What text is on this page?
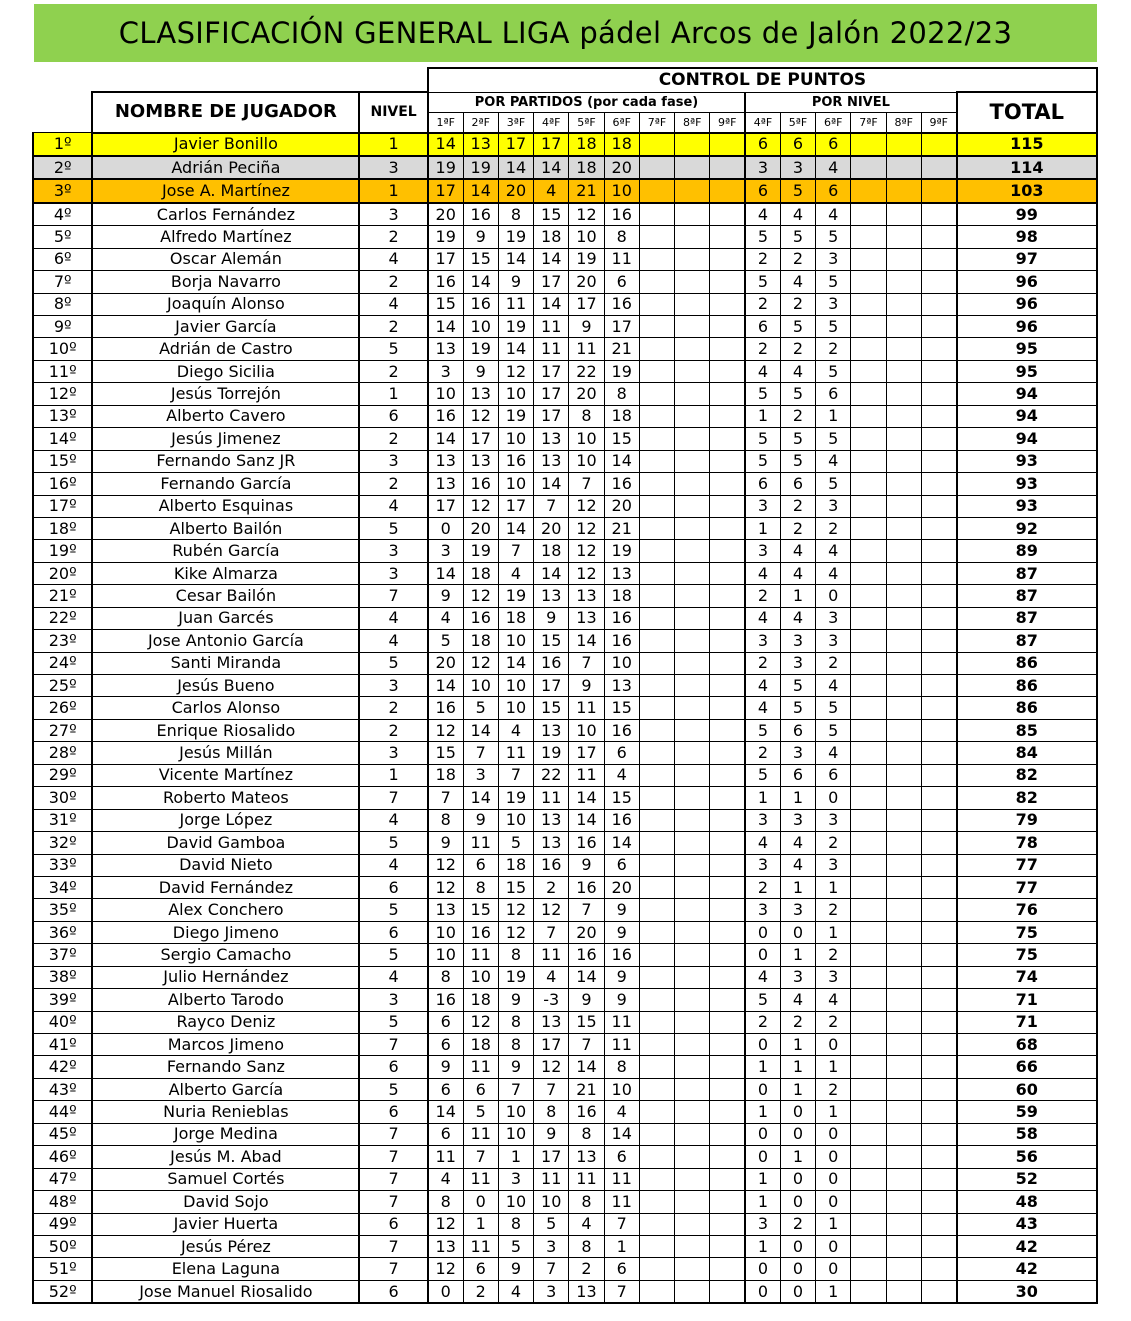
CLASIFICACIÓN GENERAL LIGA pádel Arcos de Jalón 2022/23
			CONTROL DE PUNTOS															
	NOMBRE DE JUGADOR	NIVEL	POR PARTIDOS (por cada fase)									POR NIVEL						TOTAL
			1ªF	2ªF	3ªF	4ªF	5ªF	6ªF	7ªF	8ªF	9ªF	4ªF	5ªF	6ªF	7ªF	8ªF	9ªF	
1º	Javier Bonillo	1	14	13	17	17	18	18				6	6	6				115
2º	Adrián Peciña	3	19	19	14	14	18	20				3	3	4				114
3º	Jose A. Martínez	1	17	14	20	4	21	10				6	5	6				103
4º	Carlos Fernández	3	20	16	8	15	12	16				4	4	4				99
5º	Alfredo Martínez	2	19	9	19	18	10	8				5	5	5				98
6º	Oscar Alemán	4	17	15	14	14	19	11				2	2	3				97
7º	Borja Navarro	2	16	14	9	17	20	6				5	4	5				96
8º	Joaquín Alonso	4	15	16	11	14	17	16				2	2	3				96
9º	Javier García	2	14	10	19	11	9	17				6	5	5				96
10º	Adrián de Castro	5	13	19	14	11	11	21				2	2	2				95
11º	Diego Sicilia	2	3	9	12	17	22	19				4	4	5				95
12º	Jesús Torrejón	1	10	13	10	17	20	8				5	5	6				94
13º	Alberto Cavero	6	16	12	19	17	8	18				1	2	1				94
14º	Jesús Jimenez	2	14	17	10	13	10	15				5	5	5				94
15º	Fernando Sanz JR	3	13	13	16	13	10	14				5	5	4				93
16º	Fernando García	2	13	16	10	14	7	16				6	6	5				93
17º	Alberto Esquinas	4	17	12	17	7	12	20				3	2	3				93
18º	Alberto Bailón	5	0	20	14	20	12	21				1	2	2				92
19º	Rubén García	3	3	19	7	18	12	19				3	4	4				89
20º	Kike Almarza	3	14	18	4	14	12	13				4	4	4				87
21º	Cesar Bailón	7	9	12	19	13	13	18				2	1	0				87
22º	Juan Garcés	4	4	16	18	9	13	16				4	4	3				87
23º	Jose Antonio García	4	5	18	10	15	14	16				3	3	3				87
24º	Santi Miranda	5	20	12	14	16	7	10				2	3	2				86
25º	Jesús Bueno	3	14	10	10	17	9	13				4	5	4				86
26º	Carlos Alonso	2	16	5	10	15	11	15				4	5	5				86
27º	Enrique Riosalido	2	12	14	4	13	10	16				5	6	5				85
28º	Jesús Millán	3	15	7	11	19	17	6				2	3	4				84
29º	Vicente Martínez	1	18	3	7	22	11	4				5	6	6				82
30º	Roberto Mateos	7	7	14	19	11	14	15				1	1	0				82
31º	Jorge López	4	8	9	10	13	14	16				3	3	3				79
32º	David Gamboa	5	9	11	5	13	16	14				4	4	2				78
33º	David Nieto	4	12	6	18	16	9	6				3	4	3				77
34º	David Fernández	6	12	8	15	2	16	20				2	1	1				77
35º	Alex Conchero	5	13	15	12	12	7	9				3	3	2				76
36º	Diego Jimeno	6	10	16	12	7	20	9				0	0	1				75
37º	Sergio Camacho	5	10	11	8	11	16	16				0	1	2				75
38º	Julio Hernández	4	8	10	19	4	14	9				4	3	3				74
39º	Alberto Tarodo	3	16	18	9	-3	9	9				5	4	4				71
40º	Rayco Deniz	5	6	12	8	13	15	11				2	2	2				71
41º	Marcos Jimeno	7	6	18	8	17	7	11				0	1	0				68
42º	Fernando Sanz	6	9	11	9	12	14	8				1	1	1				66
43º	Alberto García	5	6	6	7	7	21	10				0	1	2				60
44º	Nuria Renieblas	6	14	5	10	8	16	4				1	0	1				59
45º	Jorge Medina	7	6	11	10	9	8	14				0	0	0				58
46º	Jesús M. Abad	7	11	7	1	17	13	6				0	1	0				56
47º	Samuel Cortés	7	4	11	3	11	11	11				1	0	0				52
48º	David Sojo	7	8	0	10	10	8	11				1	0	0				48
49º	Javier Huerta	6	12	1	8	5	4	7				3	2	1				43
50º	Jesús Pérez	7	13	11	5	3	8	1				1	0	0				42
51º	Elena Laguna	7	12	6	9	7	2	6				0	0	0				42
52º	Jose Manuel Riosalido	6	0	2	4	3	13	7				0	0	1				30
